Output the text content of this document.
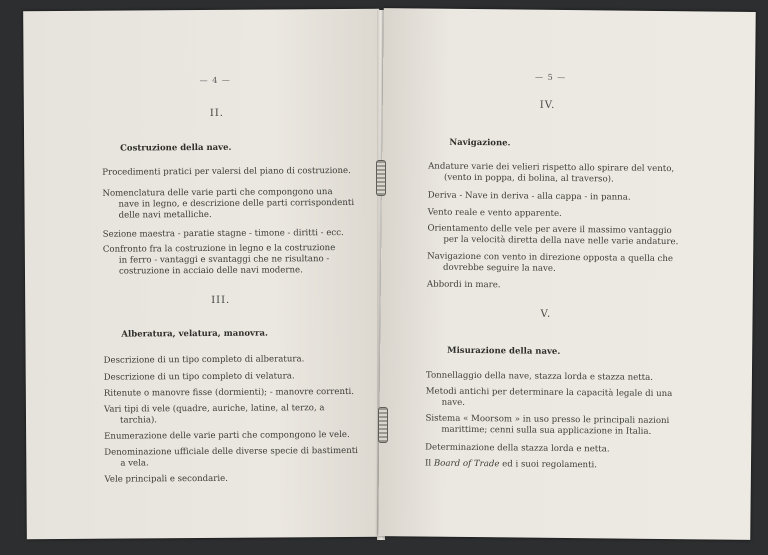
— 4 —
II.
Costruzione della nave.
Procedimenti pratici per valersi del piano di costruzione.
Nomenclatura delle varie parti che compongono una
nave in legno, e descrizione delle parti corrispondenti
delle navi metalliche.
Sezione maestra - paratie stagne - timone - diritti - ecc.
Confronto fra la costruzione in legno e la costruzione
in ferro - vantaggi e svantaggi che ne risultano -
costruzione in acciaio delle navi moderne.
III.
Alberatura, velatura, manovra.
Descrizione di un tipo completo di alberatura.
Descrizione di un tipo completo di velatura.
Ritenute o manovre fisse (dormienti); - manovre correnti.
Vari tipi di vele (quadre, auriche, latine, al terzo, a
tarchia).
Enumerazione delle varie parti che compongono le vele.
Denominazione ufficiale delle diverse specie di bastimenti
a vela.
Vele principali e secondarie.
— 5 —
IV.
Navigazione.
Andature varie dei velieri rispetto allo spirare del vento,
(vento in poppa, di bolina, al traverso).
Deriva - Nave in deriva - alla cappa - in panna.
Vento reale e vento apparente.
Orientamento delle vele per avere il massimo vantaggio
per la velocità diretta della nave nelle varie andature.
Navigazione con vento in direzione opposta a quella che
dovrebbe seguire la nave.
Abbordi in mare.
V.
Misurazione della nave.
Tonnellaggio della nave, stazza lorda e stazza netta.
Metodi antichi per determinare la capacità legale di una
nave.
Sistema « Moorsom » in uso presso le principali nazioni
marittime; cenni sulla sua applicazione in Italia.
Determinazione della stazza lorda e netta.
Il Board of Trade ed i suoi regolamenti.
